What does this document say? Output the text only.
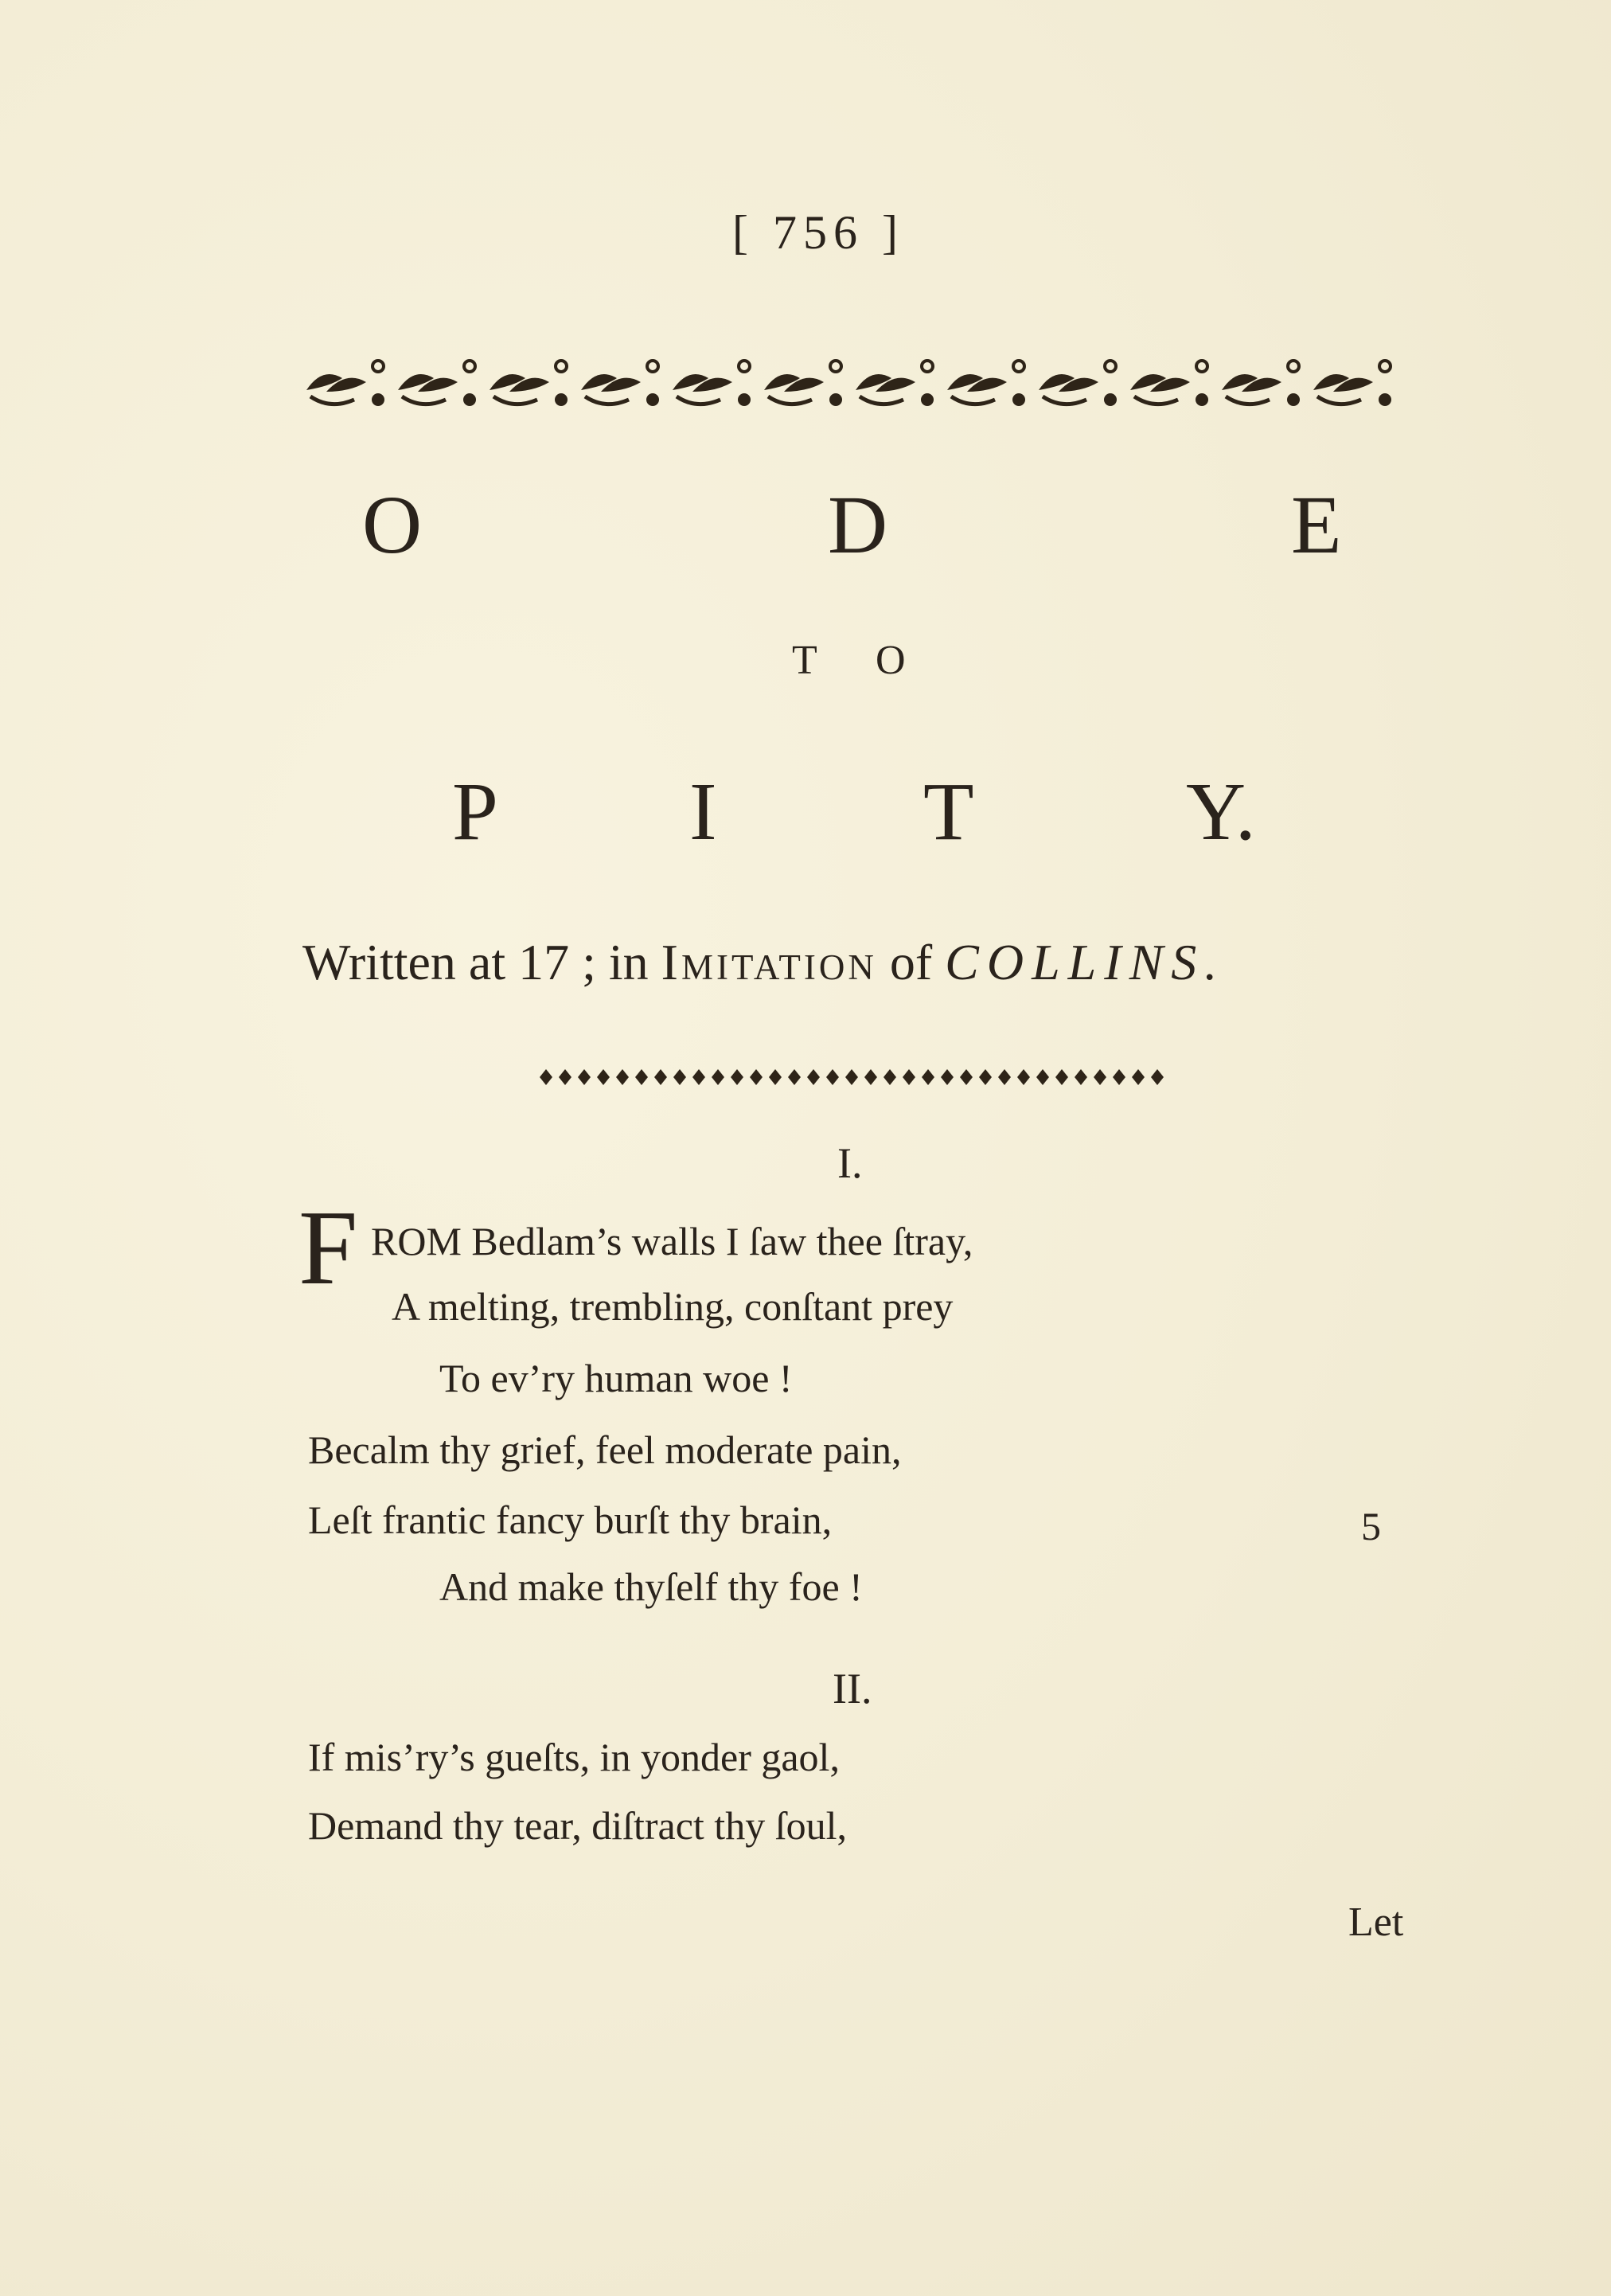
[ 756 ]
O	D	E
T O
P I T	Y.
Written at 17 ; in Imitation of COLLINS.
I.
F ROM Bedlam’s walls I ſaw thee ſtray,
A melting, trembling, conſtant prey
To ev’ry human woe !
Becalm thy grief, feel moderate pain,
Leſt frantic fancy burſt thy brain,	5
And make thyſelf thy foe !
II.
If mis’ry’s gueſts, in yonder gaol,
Demand thy tear, diſtract thy ſoul,
Let
